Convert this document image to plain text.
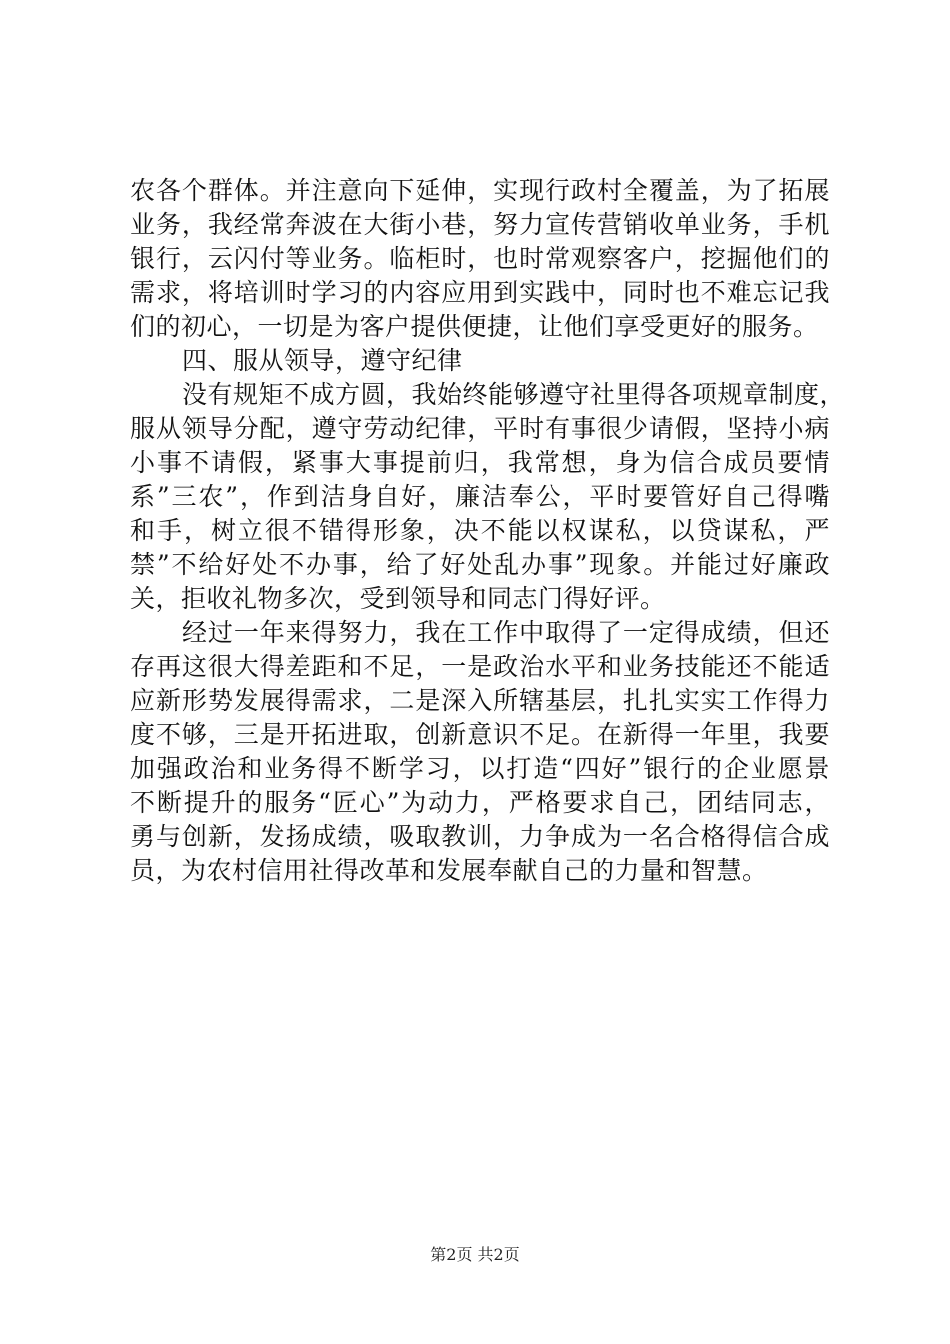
农各个群体。并注意向下延伸，实现行政村全覆盖，为了拓展
业务，我经常奔波在大街小巷，努力宣传营销收单业务，手机
银行，云闪付等业务。临柜时，也时常观察客户，挖掘他们的
需求，将培训时学习的内容应用到实践中，同时也不难忘记我
们的初心，一切是为客户提供便捷，让他们享受更好的服务。
四、服从领导，遵守纪律
没有规矩不成方圆，我始终能够遵守社里得各项规章制度，
服从领导分配，遵守劳动纪律，平时有事很少请假，坚持小病
小事不请假，紧事大事提前归，我常想，身为信合成员要情
系”三农”，作到洁身自好，廉洁奉公，平时要管好自己得嘴
和手，树立很不错得形象，决不能以权谋私，以贷谋私，严
禁”不给好处不办事，给了好处乱办事”现象。并能过好廉政
关，拒收礼物多次，受到领导和同志门得好评。
经过一年来得努力，我在工作中取得了一定得成绩，但还
存再这很大得差距和不足，一是政治水平和业务技能还不能适
应新形势发展得需求，二是深入所辖基层，扎扎实实工作得力
度不够，三是开拓进取，创新意识不足。在新得一年里，我要
加强政治和业务得不断学习，以打造“四好”银行的企业愿景
不断提升的服务“匠心”为动力，严格要求自己，团结同志，
勇与创新，发扬成绩，吸取教训，力争成为一名合格得信合成
员，为农村信用社得改革和发展奉献自己的力量和智慧。
第2页 共2页
